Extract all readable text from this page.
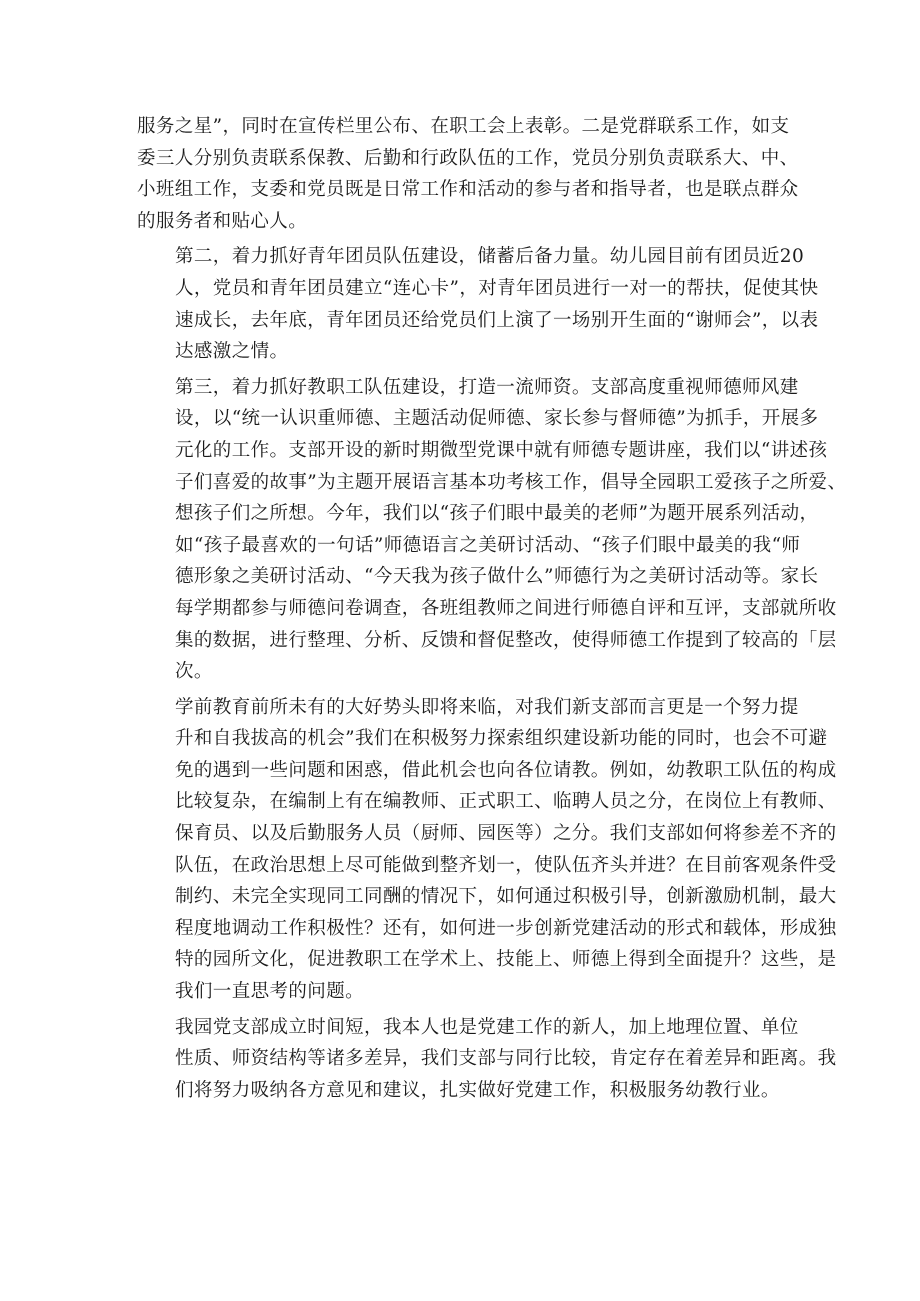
服务之星”，同时在宣传栏里公布、在职工会上表彰。二是党群联系工作，如支
委三人分别负责联系保教、后勤和行政队伍的工作，党员分别负责联系大、中、
小班组工作，支委和党员既是日常工作和活动的参与者和指导者，也是联点群众
的服务者和贴心人。
第二，着力抓好青年团员队伍建设，储蓄后备力量。幼儿园目前有团员近20
人，党员和青年团员建立“连心卡”，对青年团员进行一对一的帮扶，促使其快
速成长，去年底，青年团员还给党员们上演了一场别开生面的“谢师会”，以表
达感激之情。
第三，着力抓好教职工队伍建设，打造一流师资。支部高度重视师德师风建
设，以“统一认识重师德、主题活动促师德、家长参与督师德”为抓手，开展多
元化的工作。支部开设的新时期微型党课中就有师德专题讲座，我们以“讲述孩
子们喜爱的故事”为主题开展语言基本功考核工作，倡导全园职工爱孩子之所爱、
想孩子们之所想。今年，我们以“孩子们眼中最美的老师”为题开展系列活动，
如“孩子最喜欢的一句话”师德语言之美研讨活动、“孩子们眼中最美的我“师
德形象之美研讨活动、“今天我为孩子做什么”师德行为之美研讨活动等。家长
每学期都参与师德问卷调查，各班组教师之间进行师德自评和互评，支部就所收
集的数据，进行整理、分析、反馈和督促整改，使得师德工作提到了较高的「层
次。
学前教育前所未有的大好势头即将来临，对我们新支部而言更是一个努力提
升和自我拔高的机会”我们在积极努力探索组织建设新功能的同时，也会不可避
免的遇到一些问题和困惑，借此机会也向各位请教。例如，幼教职工队伍的构成
比较复杂，在编制上有在编教师、正式职工、临聘人员之分，在岗位上有教师、
保育员、以及后勤服务人员（厨师、园医等）之分。我们支部如何将参差不齐的
队伍，在政治思想上尽可能做到整齐划一，使队伍齐头并进？在目前客观条件受
制约、未完全实现同工同酬的情况下，如何通过积极引导，创新激励机制，最大
程度地调动工作积极性？还有，如何进一步创新党建活动的形式和载体，形成独
特的园所文化，促进教职工在学术上、技能上、师德上得到全面提升？这些，是
我们一直思考的问题。
我园党支部成立时间短，我本人也是党建工作的新人，加上地理位置、单位
性质、师资结构等诸多差异，我们支部与同行比较，肯定存在着差异和距离。我
们将努力吸纳各方意见和建议，扎实做好党建工作，积极服务幼教行业。
